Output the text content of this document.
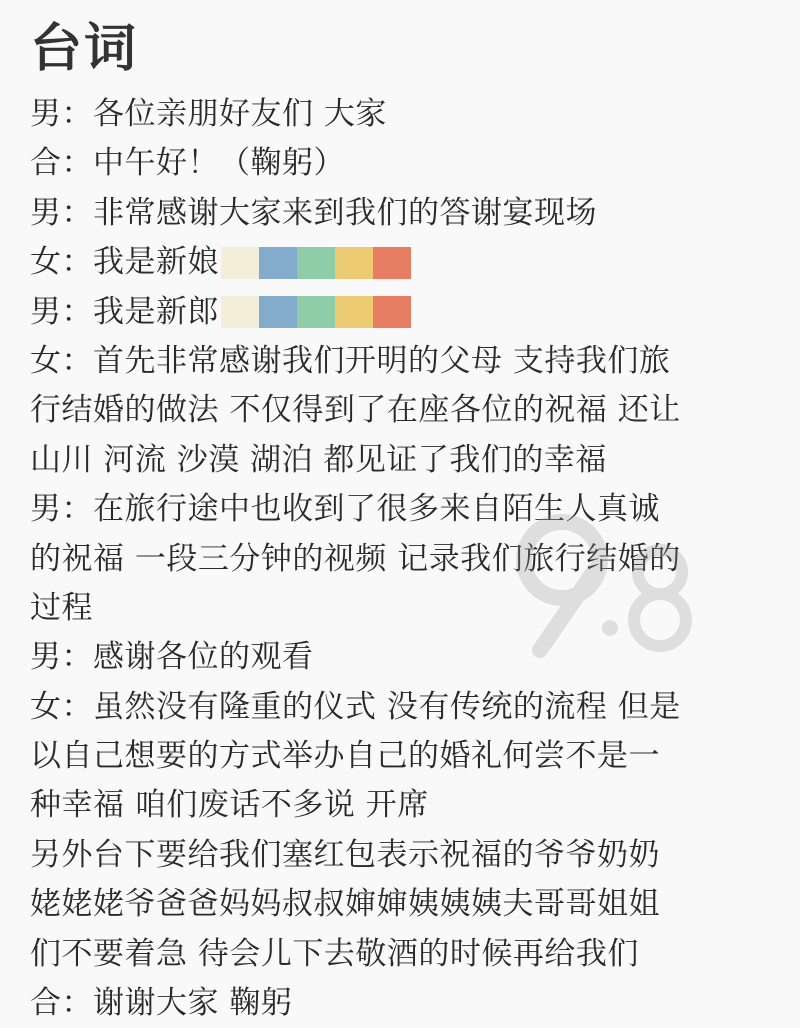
台词
男：各位亲朋好友们 大家
合：中午好！（鞠躬）
男：非常感谢大家来到我们的答谢宴现场
女：我是新娘
男：我是新郎
女：首先非常感谢我们开明的父母 支持我们旅
行结婚的做法 不仅得到了在座各位的祝福 还让
山川 河流 沙漠 湖泊 都见证了我们的幸福
男：在旅行途中也收到了很多来自陌生人真诚
的祝福 一段三分钟的视频 记录我们旅行结婚的
过程
男：感谢各位的观看
女：虽然没有隆重的仪式 没有传统的流程 但是
以自己想要的方式举办自己的婚礼何尝不是一
种幸福 咱们废话不多说 开席
另外台下要给我们塞红包表示祝福的爷爷奶奶
姥姥姥爷爸爸妈妈叔叔婶婶姨姨姨夫哥哥姐姐
们不要着急 待会儿下去敬酒的时候再给我们
合：谢谢大家 鞠躬
